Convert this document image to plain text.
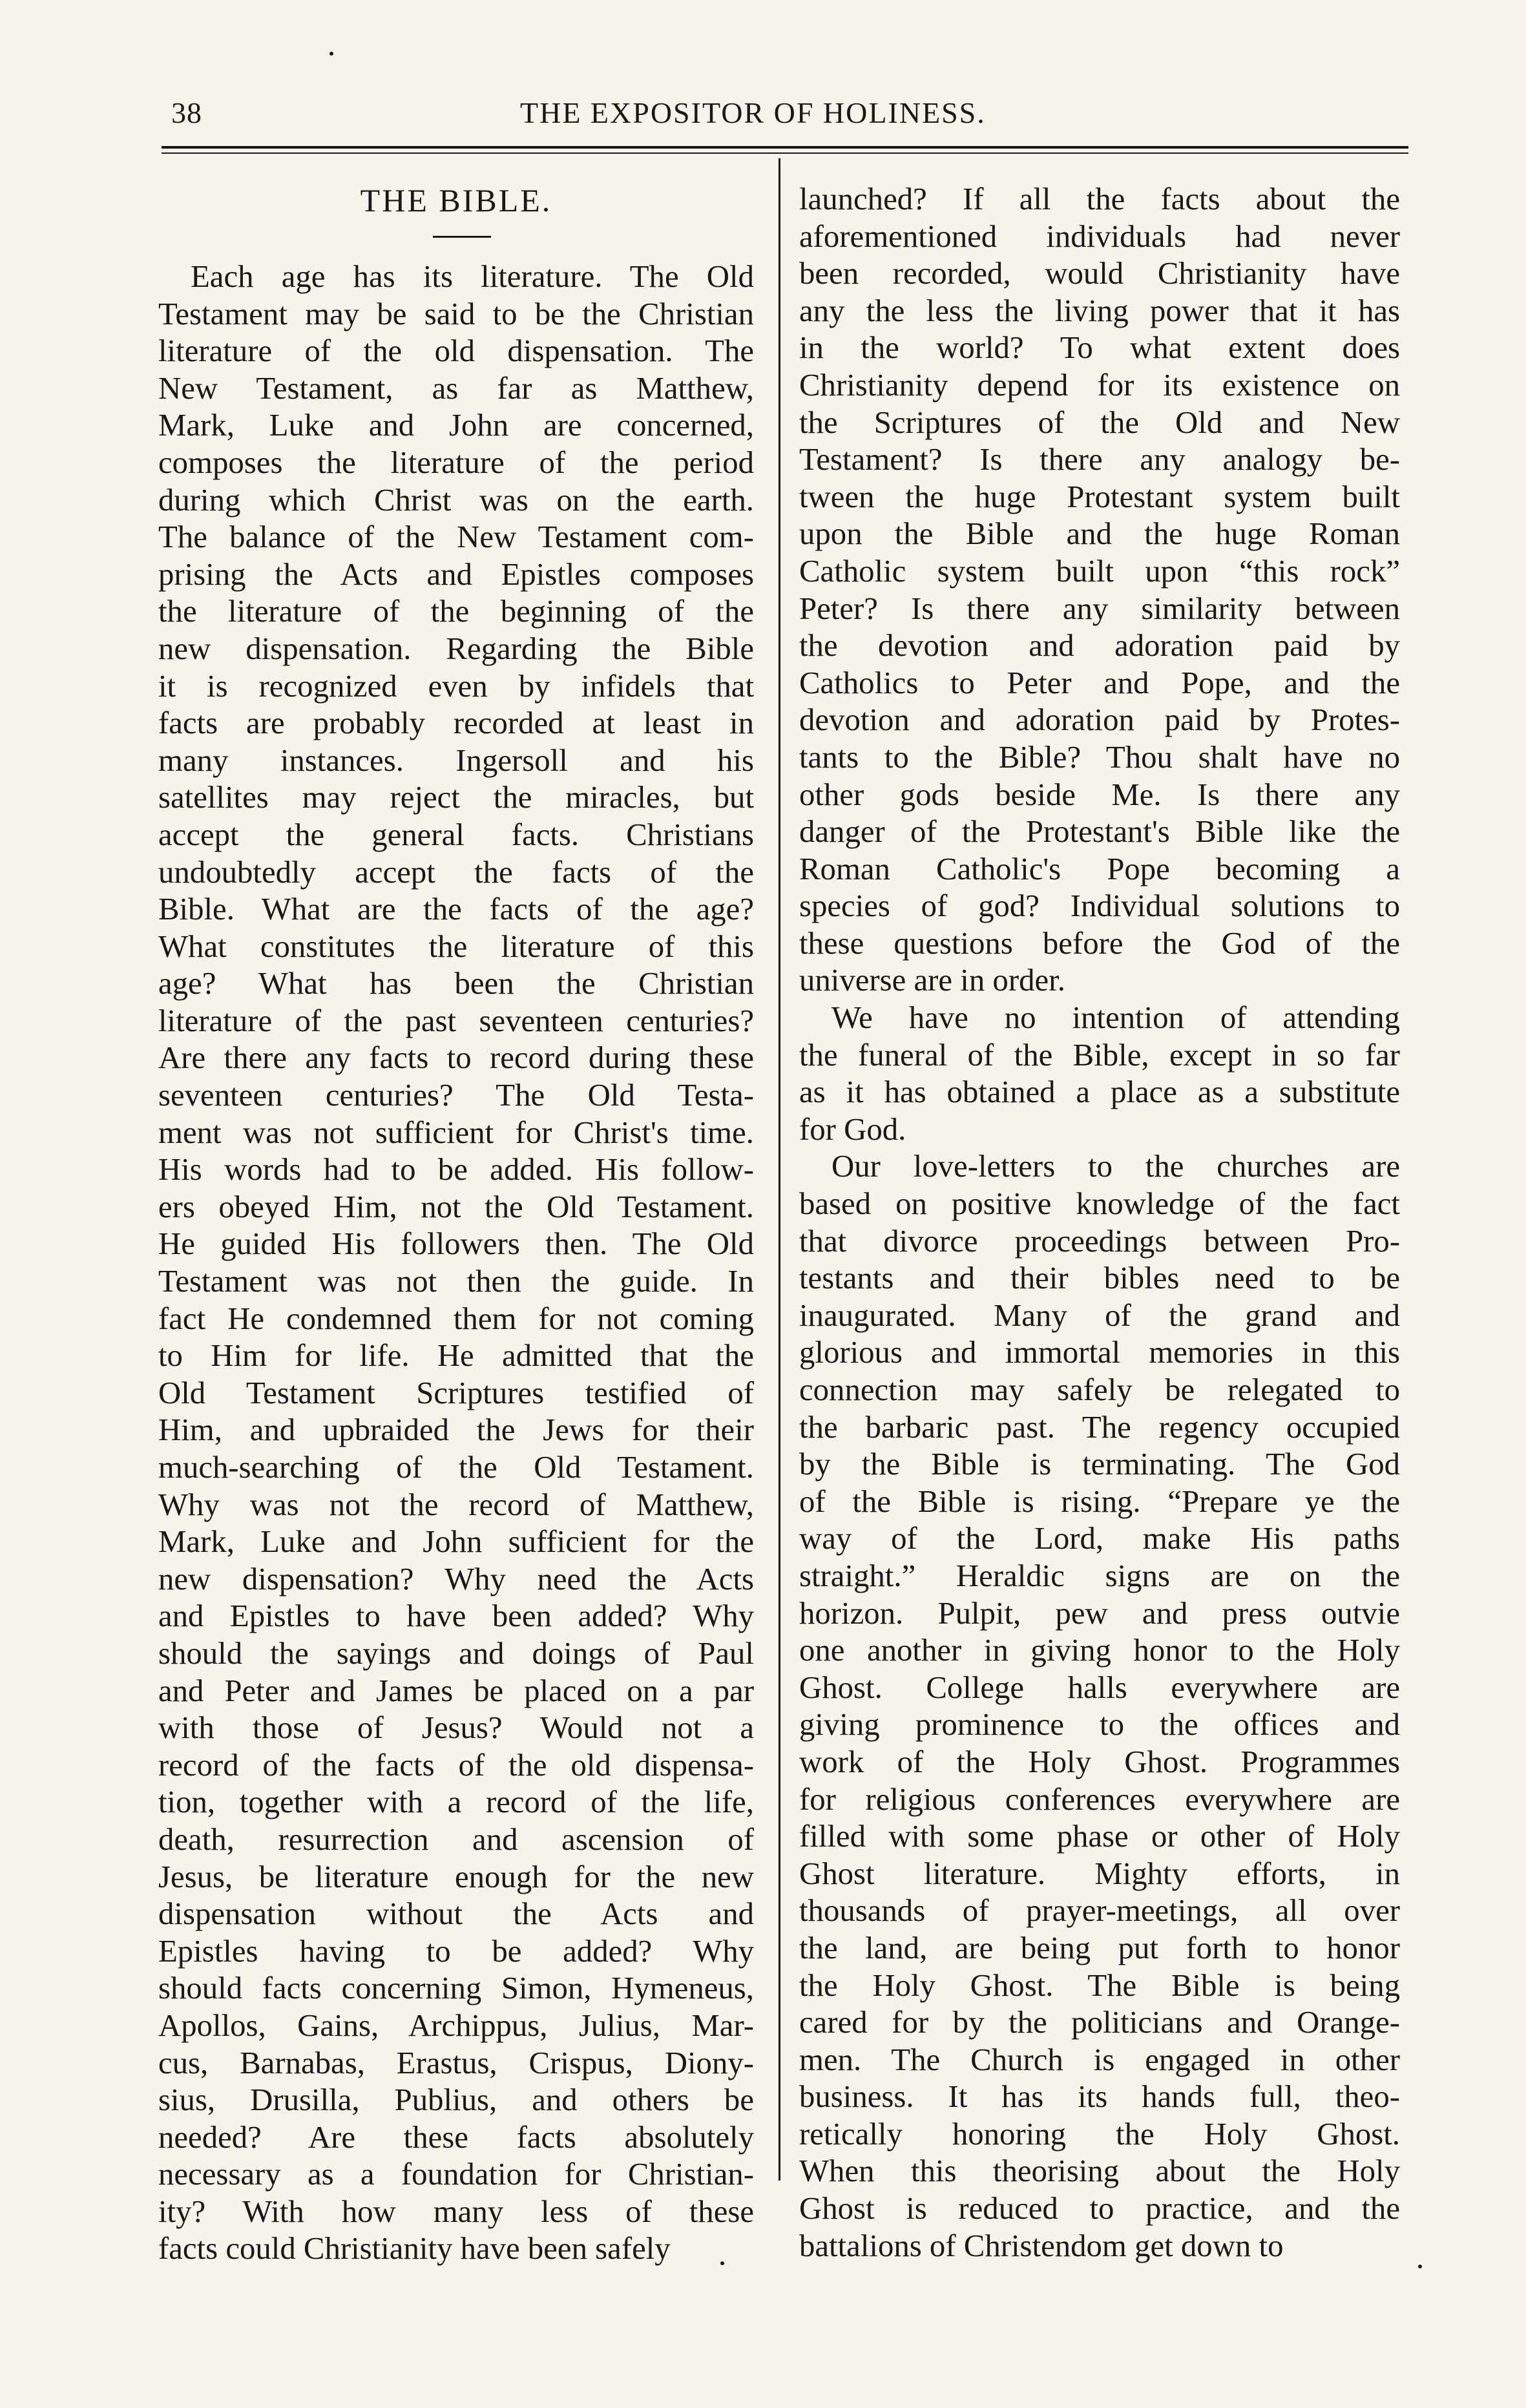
38	THE EXPOSITOR OF HOLINESS.
THE BIBLE.
Each age has its literature. The Old
Testament may be said to be the Christian
literature of the old dispensation. The
New Testament, as far as Matthew,
Mark, Luke and John are concerned,
composes the literature of the period
during which Christ was on the earth.
The balance of the New Testament com-
prising the Acts and Epistles composes
the literature of the beginning of the
new dispensation. Regarding the Bible
it is recognized even by infidels that
facts are probably recorded at least in
many instances. Ingersoll and his
satellites may reject the miracles, but
accept the general facts. Christians
undoubtedly accept the facts of the
Bible. What are the facts of the age?
What constitutes the literature of this
age? What has been the Christian
literature of the past seventeen centuries?
Are there any facts to record during these
seventeen centuries? The Old Testa-
ment was not sufficient for Christ's time.
His words had to be added. His follow-
ers obeyed Him, not the Old Testament.
He guided His followers then. The Old
Testament was not then the guide. In
fact He condemned them for not coming
to Him for life. He admitted that the
Old Testament Scriptures testified of
Him, and upbraided the Jews for their
much-searching of the Old Testament.
Why was not the record of Matthew,
Mark, Luke and John sufficient for the
new dispensation? Why need the Acts
and Epistles to have been added? Why
should the sayings and doings of Paul
and Peter and James be placed on a par
with those of Jesus? Would not a
record of the facts of the old dispensa-
tion, together with a record of the life,
death, resurrection and ascension of
Jesus, be literature enough for the new
dispensation without the Acts and
Epistles having to be added? Why
should facts concerning Simon, Hymeneus,
Apollos, Gains, Archippus, Julius, Mar-
cus, Barnabas, Erastus, Crispus, Diony-
sius, Drusilla, Publius, and others be
needed? Are these facts absolutely
necessary as a foundation for Christian-
ity? With how many less of these
facts could Christianity have been safely
launched? If all the facts about the
aforementioned individuals had never
been recorded, would Christianity have
any the less the living power that it has
in the world? To what extent does
Christianity depend for its existence on
the Scriptures of the Old and New
Testament? Is there any analogy be-
tween the huge Protestant system built
upon the Bible and the huge Roman
Catholic system built upon “this rock”
Peter? Is there any similarity between
the devotion and adoration paid by
Catholics to Peter and Pope, and the
devotion and adoration paid by Protes-
tants to the Bible? Thou shalt have no
other gods beside Me. Is there any
danger of the Protestant's Bible like the
Roman Catholic's Pope becoming a
species of god? Individual solutions to
these questions before the God of the
universe are in order.
We have no intention of attending
the funeral of the Bible, except in so far
as it has obtained a place as a substitute
for God.
Our love-letters to the churches are
based on positive knowledge of the fact
that divorce proceedings between Pro-
testants and their bibles need to be
inaugurated. Many of the grand and
glorious and immortal memories in this
connection may safely be relegated to
the barbaric past. The regency occupied
by the Bible is terminating. The God
of the Bible is rising. “Prepare ye the
way of the Lord, make His paths
straight.” Heraldic signs are on the
horizon. Pulpit, pew and press outvie
one another in giving honor to the Holy
Ghost. College halls everywhere are
giving prominence to the offices and
work of the Holy Ghost. Programmes
for religious conferences everywhere are
filled with some phase or other of Holy
Ghost literature. Mighty efforts, in
thousands of prayer-meetings, all over
the land, are being put forth to honor
the Holy Ghost. The Bible is being
cared for by the politicians and Orange-
men. The Church is engaged in other
business. It has its hands full, theo-
retically honoring the Holy Ghost.
When this theorising about the Holy
Ghost is reduced to practice, and the
battalions of Christendom get down to
